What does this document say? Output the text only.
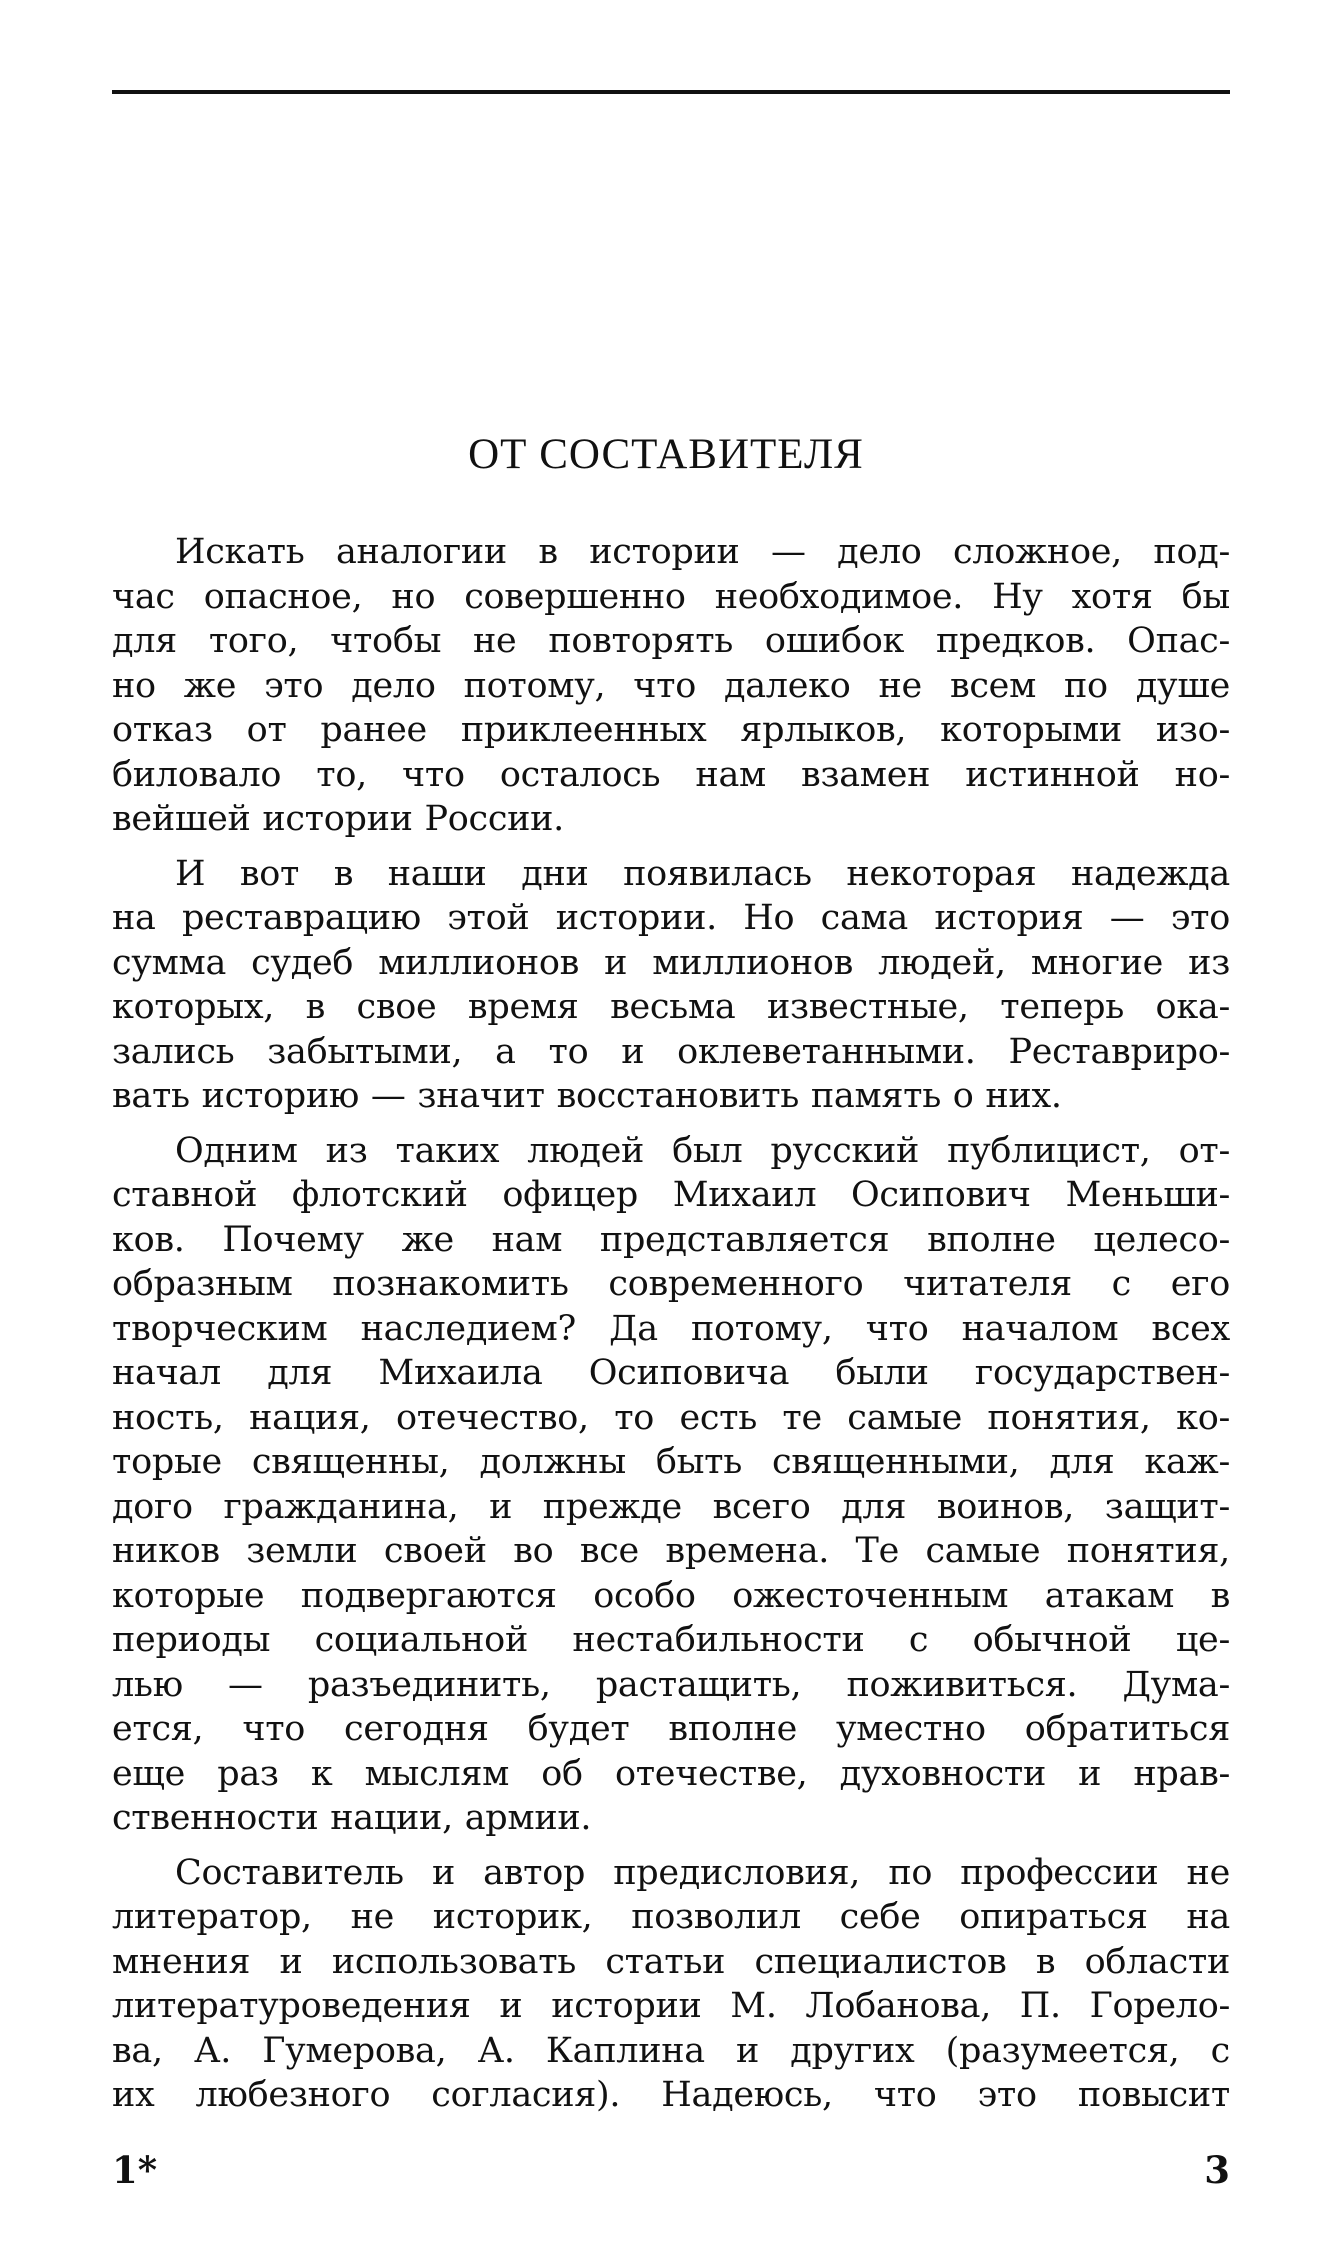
ОТ СОСТАВИТЕЛЯ

Искать аналогии в истории — дело сложное, под-
час опасное, но совершенно необходимое. Ну хотя бы
для того, чтобы не повторять ошибок предков. Опас-
но же это дело потому, что далеко не всем по душе
отказ от ранее приклеенных ярлыков, которыми изо-
биловало то, что осталось нам взамен истинной но-
вейшей истории России.

И вот в наши дни появилась некоторая надежда
на реставрацию этой истории. Но сама история — это
сумма судеб миллионов и миллионов людей, многие из
которых, в свое время весьма известные, теперь ока-
зались забытыми, а то и оклеветанными. Реставриро-
вать историю — значит восстановить память о них.

Одним из таких людей был русский публицист, от-
ставной флотский офицер Михаил Осипович Меньши-
ков. Почему же нам представляется вполне целесо-
образным познакомить современного читателя с его
творческим наследием? Да потому, что началом всех
начал для Михаила Осиповича были государствен-
ность, нация, отечество, то есть те самые понятия, ко-
торые священны, должны быть священными, для каж-
дого гражданина, и прежде всего для воинов, защит-
ников земли своей во все времена. Те самые понятия,
которые подвергаются особо ожесточенным атакам в
периоды социальной нестабильности с обычной це-
лью — разъединить, растащить, поживиться. Дума-
ется, что сегодня будет вполне уместно обратиться
еще раз к мыслям об отечестве, духовности и нрав-
ственности нации, армии.

Составитель и автор предисловия, по профессии не
литератор, не историк, позволил себе опираться на
мнения и использовать статьи специалистов в области
литературоведения и истории М. Лобанова, П. Горело-
ва, А. Гумерова, А. Каплина и других (разумеется, с
их любезного согласия). Надеюсь, что это повысит

1*	3
